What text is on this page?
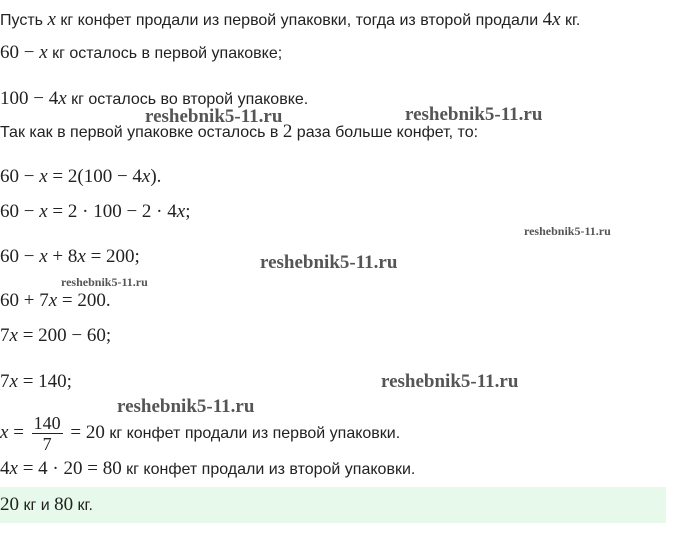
Пусть x кг конфет продали из первой упаковки, тогда из второй продали 4x кг.
60 − x кг осталось в первой упаковке;
100 − 4x кг осталось во второй упаковке.
Так как в первой упаковке осталось в 2 раза больше конфет, то:
60 − x = 2(100 − 4x).
60 − x = 2 · 100 − 2 · 4x;
60 − x + 8x = 200;
60 + 7x = 200.
7x = 200 − 60;
7x = 140;
$x = \frac{140}{7} = 20$ кг конфет продали из первой упаковки.
4x = 4 · 20 = 80 кг конфет продали из второй упаковки.
20 кг и 80 кг.
reshebnik5-11.ru	reshebnik5-11.ru
reshebnik5-11.ru
reshebnik5-11.ru
reshebnik5-11.ru
reshebnik5-11.ru
reshebnik5-11.ru
